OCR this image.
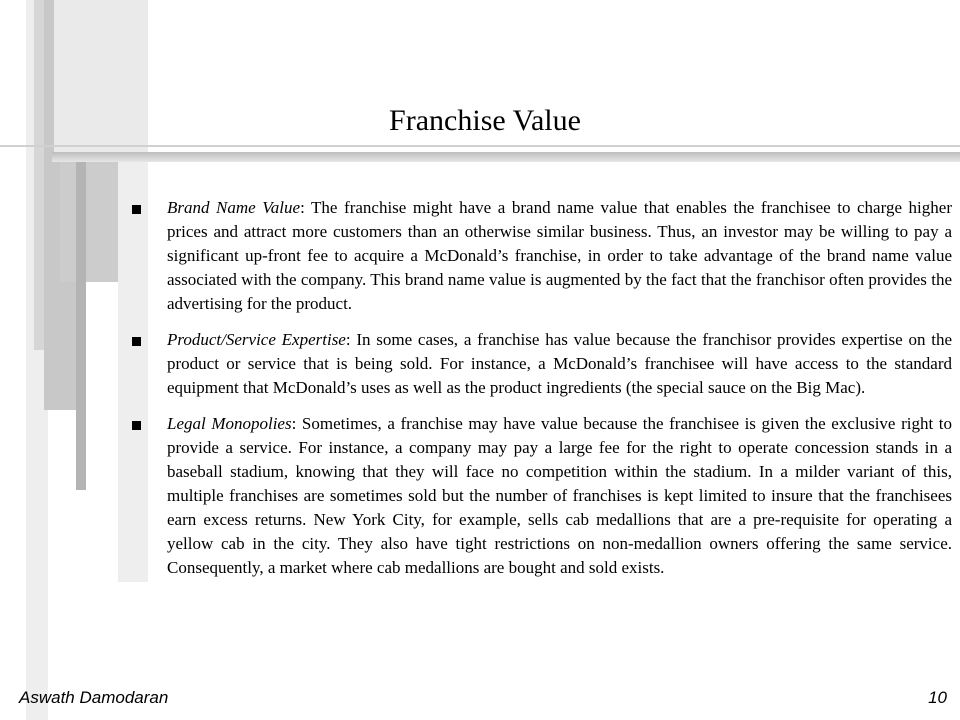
Franchise Value
Brand Name Value: The franchise might have a brand name value that enables the franchisee to charge higher prices and attract more customers than an otherwise similar business. Thus, an investor may be willing to pay a significant up-front fee to acquire a McDonald’s franchise, in order to take advantage of the brand name value associated with the company. This brand name value is augmented by the fact that the franchisor often provides the advertising for the product.
Product/Service Expertise: In some cases, a franchise has value because the franchisor provides expertise on the product or service that is being sold. For instance, a McDonald’s franchisee will have access to the standard equipment that McDonald’s uses as well as the product ingredients (the special sauce on the Big Mac).
Legal Monopolies: Sometimes, a franchise may have value because the franchisee is given the exclusive right to provide a service. For instance, a company may pay a large fee for the right to operate concession stands in a baseball stadium, knowing that they will face no competition within the stadium. In a milder variant of this, multiple franchises are sometimes sold but the number of franchises is kept limited to insure that the franchisees earn excess returns. New York City, for example, sells cab medallions that are a pre-requisite for operating a yellow cab in the city. They also have tight restrictions on non-medallion owners offering the same service. Consequently, a market where cab medallions are bought and sold exists.
Aswath Damodaran	10
